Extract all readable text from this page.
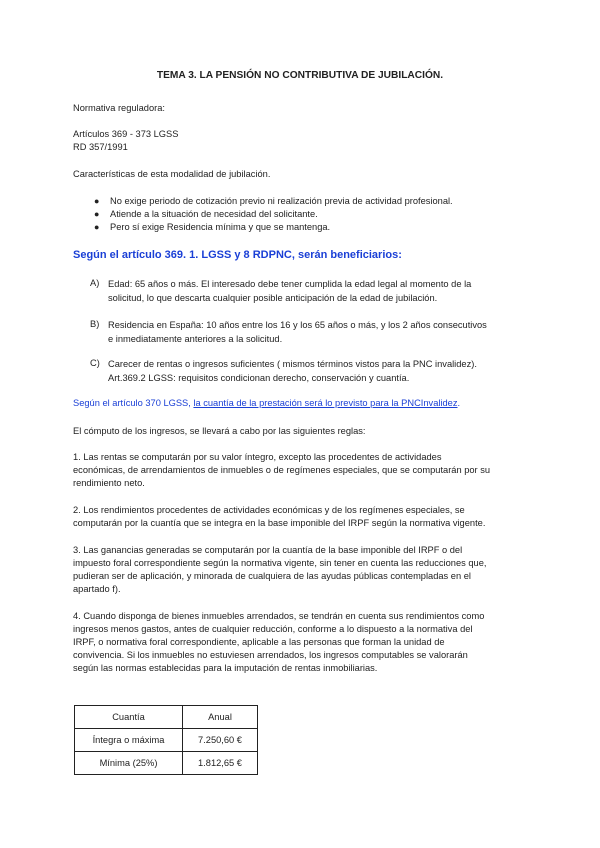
TEMA 3. LA PENSIÓN NO CONTRIBUTIVA DE JUBILACIÓN.
Normativa reguladora:
Artículos 369 - 373 LGSS
RD 357/1991
Características de esta modalidad de jubilación.
● No exige periodo de cotización previo ni realización previa de actividad profesional.
● Atiende a la situación de necesidad del solicitante.
● Pero sí exige Residencia mínima y que se mantenga.
Según el artículo 369. 1. LGSS y 8 RDPNC, serán beneficiarios:
A) Edad: 65 años o más. El interesado debe tener cumplida la edad legal al momento de la
solicitud, lo que descarta cualquier posible anticipación de la edad de jubilación.
B) Residencia en España: 10 años entre los 16 y los 65 años o más, y los 2 años consecutivos
e inmediatamente anteriores a la solicitud.
C) Carecer de rentas o ingresos suficientes ( mismos términos vistos para la PNC invalidez).
Art.369.2 LGSS: requisitos condicionan derecho, conservación y cuantía.
Según el artículo 370 LGSS, la cuantía de la prestación será lo previsto para la PNCInvalidez.
El cómputo de los ingresos, se llevará a cabo por las siguientes reglas:
1. Las rentas se computarán por su valor íntegro, excepto las procedentes de actividades
económicas, de arrendamientos de inmuebles o de regímenes especiales, que se computarán por su
rendimiento neto.
2. Los rendimientos procedentes de actividades económicas y de los regímenes especiales, se
computarán por la cuantía que se integra en la base imponible del IRPF según la normativa vigente.
3. Las ganancias generadas se computarán por la cuantía de la base imponible del IRPF o del
impuesto foral correspondiente según la normativa vigente, sin tener en cuenta las reducciones que,
pudieran ser de aplicación, y minorada de cualquiera de las ayudas públicas contempladas en el
apartado f).
4. Cuando disponga de bienes inmuebles arrendados, se tendrán en cuenta sus rendimientos como
ingresos menos gastos, antes de cualquier reducción, conforme a lo dispuesto a la normativa del
IRPF, o normativa foral correspondiente, aplicable a las personas que forman la unidad de
convivencia. Si los inmuebles no estuviesen arrendados, los ingresos computables se valorarán
según las normas establecidas para la imputación de rentas inmobiliarias.
Cuantía	Anual
Íntegra o máxima	7.250,60 €
Mínima (25%)	1.812,65 €
